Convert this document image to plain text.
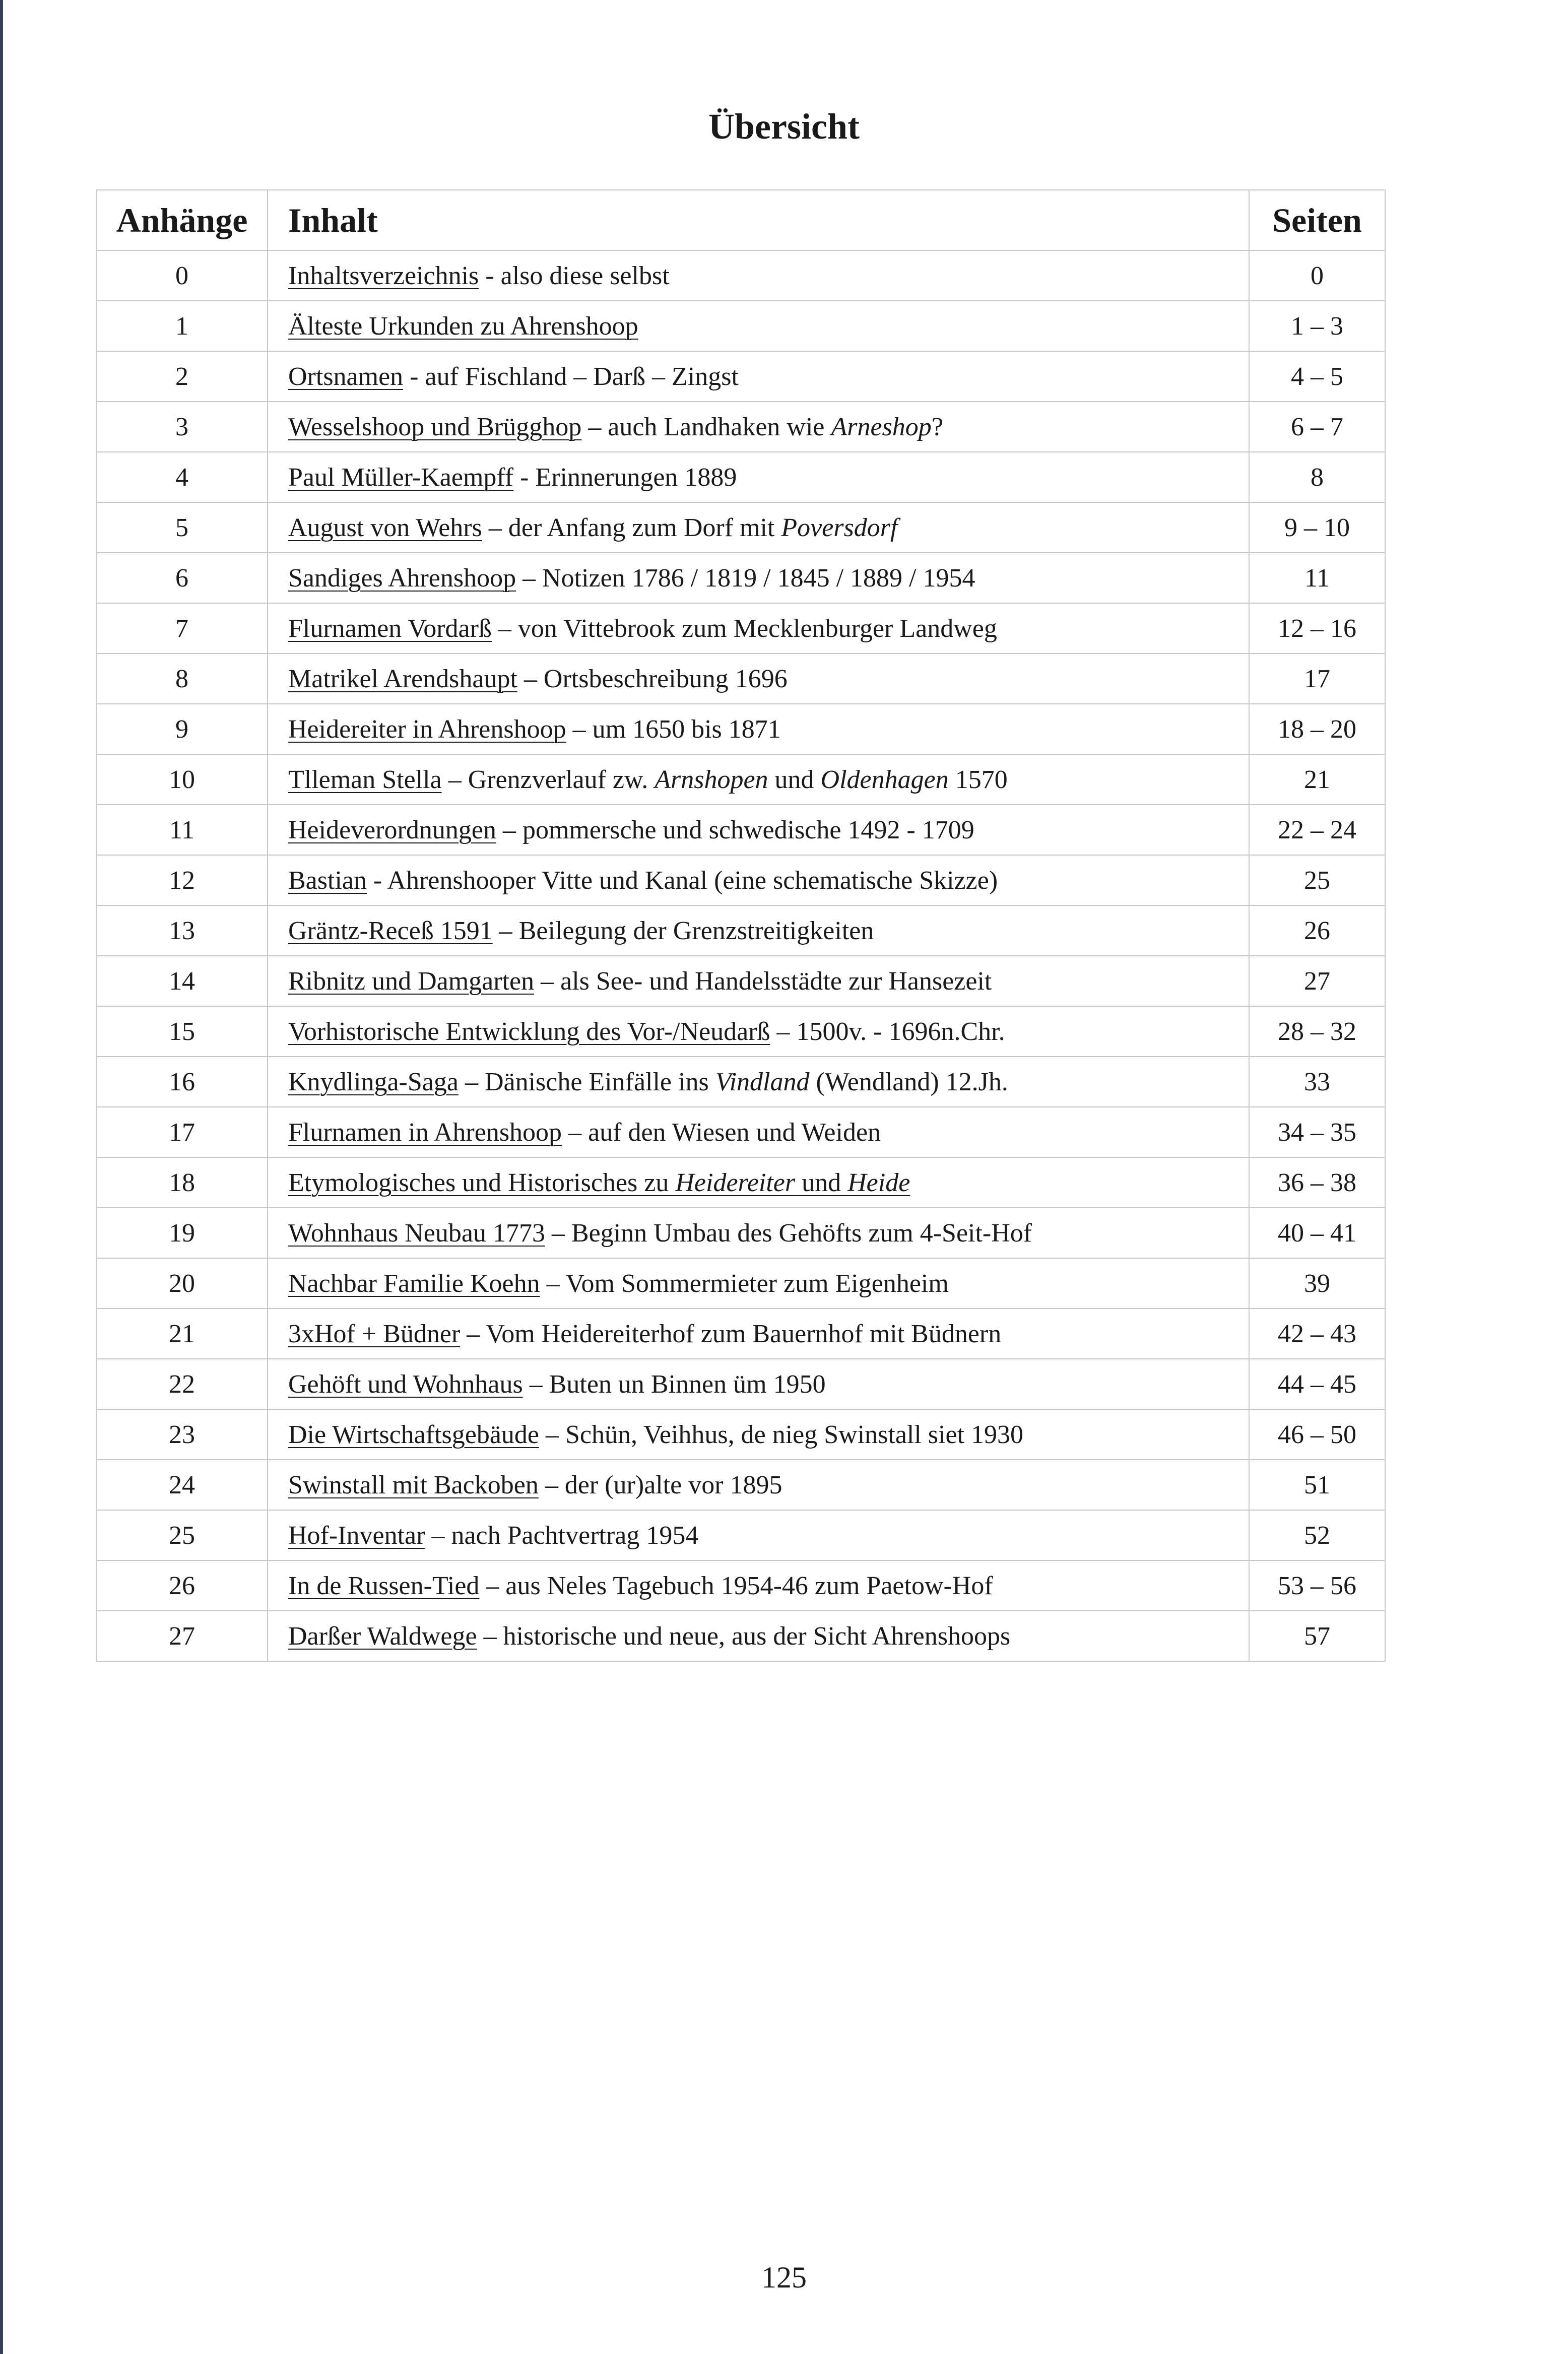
Übersicht
Anhänge	Inhalt	Seiten
0	Inhaltsverzeichnis - also diese selbst	0
1	Älteste Urkunden zu Ahrenshoop	1 – 3
2	Ortsnamen - auf Fischland – Darß – Zingst	4 – 5
3	Wesselshoop und Brügghop – auch Landhaken wie Arneshop?	6 – 7
4	Paul Müller-Kaempff - Erinnerungen 1889	8
5	August von Wehrs – der Anfang zum Dorf mit Poversdorf	9 – 10
6	Sandiges Ahrenshoop – Notizen 1786 / 1819 / 1845 / 1889 / 1954	11
7	Flurnamen Vordarß – von Vittebrook zum Mecklenburger Landweg	12 – 16
8	Matrikel Arendshaupt – Ortsbeschreibung 1696	17
9	Heidereiter in Ahrenshoop – um 1650 bis 1871	18 – 20
10	Tlleman Stella – Grenzverlauf zw. Arnshopen und Oldenhagen 1570	21
11	Heideverordnungen – pommersche und schwedische 1492 - 1709	22 – 24
12	Bastian - Ahrenshooper Vitte und Kanal (eine schematische Skizze)	25
13	Gräntz-Receß 1591 – Beilegung der Grenzstreitigkeiten	26
14	Ribnitz und Damgarten – als See- und Handelsstädte zur Hansezeit	27
15	Vorhistorische Entwicklung des Vor-/Neudarß – 1500v. - 1696n.Chr.	28 – 32
16	Knydlinga-Saga – Dänische Einfälle ins Vindland (Wendland) 12.Jh.	33
17	Flurnamen in Ahrenshoop – auf den Wiesen und Weiden	34 – 35
18	Etymologisches und Historisches zu Heidereiter und Heide	36 – 38
19	Wohnhaus Neubau 1773 – Beginn Umbau des Gehöfts zum 4-Seit-Hof	40 – 41
20	Nachbar Familie Koehn – Vom Sommermieter zum Eigenheim	39
21	3xHof + Büdner – Vom Heidereiterhof zum Bauernhof mit Büdnern	42 – 43
22	Gehöft und Wohnhaus – Buten un Binnen üm 1950	44 – 45
23	Die Wirtschaftsgebäude – Schün, Veihhus, de nieg Swinstall siet 1930	46 – 50
24	Swinstall mit Backoben – der (ur)alte vor 1895	51
25	Hof-Inventar – nach Pachtvertrag 1954	52
26	In de Russen-Tied – aus Neles Tagebuch 1954-46 zum Paetow-Hof	53 – 56
27	Darßer Waldwege – historische und neue, aus der Sicht Ahrenshoops	57
125
